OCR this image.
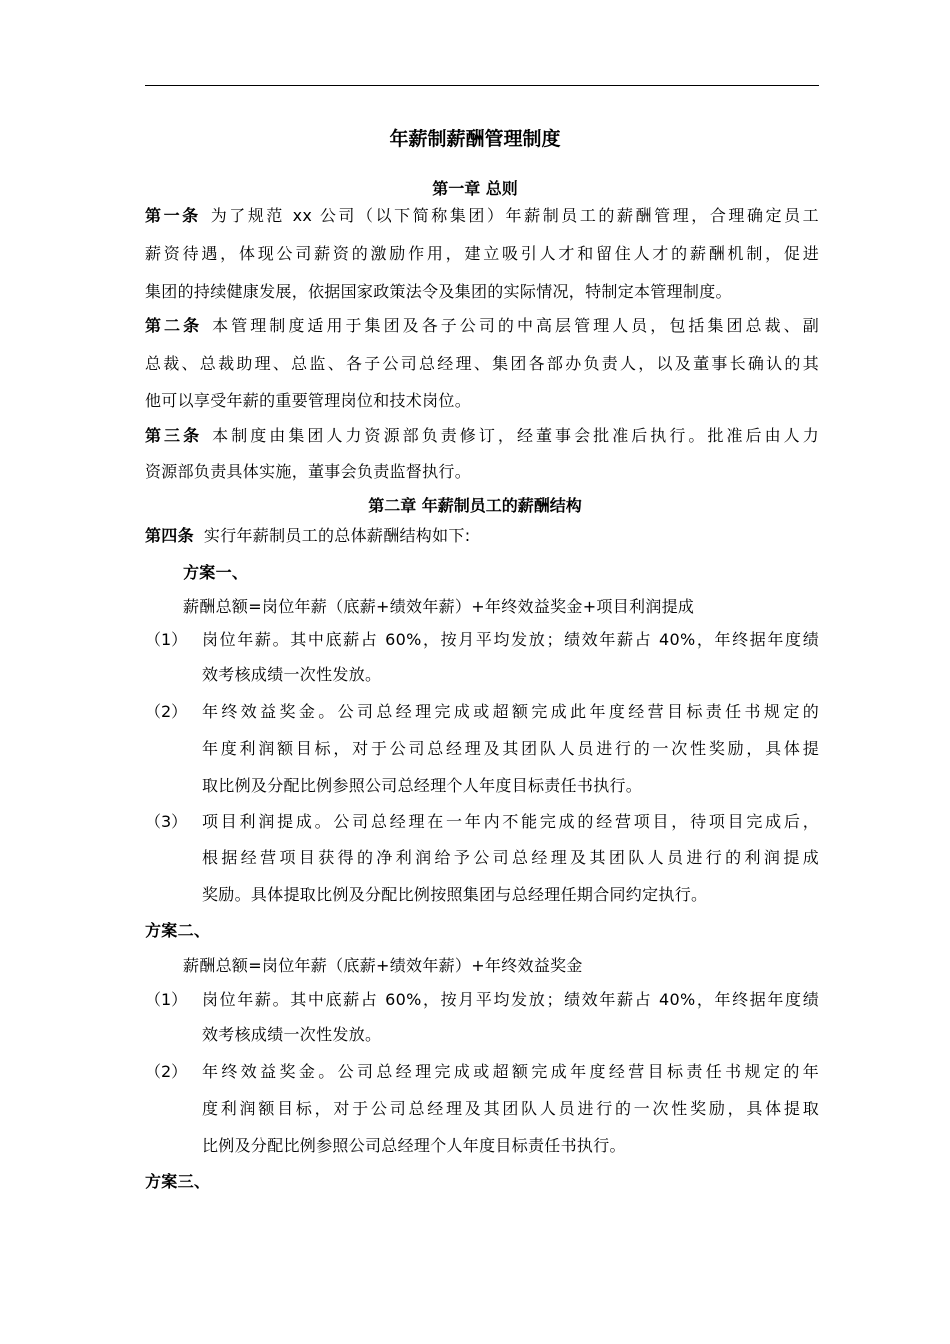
年薪制薪酬管理制度
第一章 总则
第一条 为了规范 xx 公司（以下简称集团）年薪制员工的薪酬管理，合理确定员工
薪资待遇，体现公司薪资的激励作用，建立吸引人才和留住人才的薪酬机制，促进
集团的持续健康发展，依据国家政策法令及集团的实际情况，特制定本管理制度。
第二条 本管理制度适用于集团及各子公司的中高层管理人员，包括集团总裁、副
总裁、总裁助理、总监、各子公司总经理、集团各部办负责人，以及董事长确认的其
他可以享受年薪的重要管理岗位和技术岗位。
第三条 本制度由集团人力资源部负责修订，经董事会批准后执行。批准后由人力
资源部负责具体实施，董事会负责监督执行。
第二章 年薪制员工的薪酬结构
第四条 实行年薪制员工的总体薪酬结构如下:
方案一、
薪酬总额=岗位年薪（底薪+绩效年薪）+年终效益奖金+项目利润提成
（1） 岗位年薪。其中底薪占 60%，按月平均发放；绩效年薪占 40%，年终据年度绩
效考核成绩一次性发放。
（2） 年终效益奖金。公司总经理完成或超额完成此年度经营目标责任书规定的
年度利润额目标，对于公司总经理及其团队人员进行的一次性奖励，具体提
取比例及分配比例参照公司总经理个人年度目标责任书执行。
（3） 项目利润提成。公司总经理在一年内不能完成的经营项目，待项目完成后，
根据经营项目获得的净利润给予公司总经理及其团队人员进行的利润提成
奖励。具体提取比例及分配比例按照集团与总经理任期合同约定执行。
方案二、
薪酬总额=岗位年薪（底薪+绩效年薪）+年终效益奖金
（1） 岗位年薪。其中底薪占 60%，按月平均发放；绩效年薪占 40%，年终据年度绩
效考核成绩一次性发放。
（2） 年终效益奖金。公司总经理完成或超额完成年度经营目标责任书规定的年
度利润额目标，对于公司总经理及其团队人员进行的一次性奖励，具体提取
比例及分配比例参照公司总经理个人年度目标责任书执行。
方案三、
